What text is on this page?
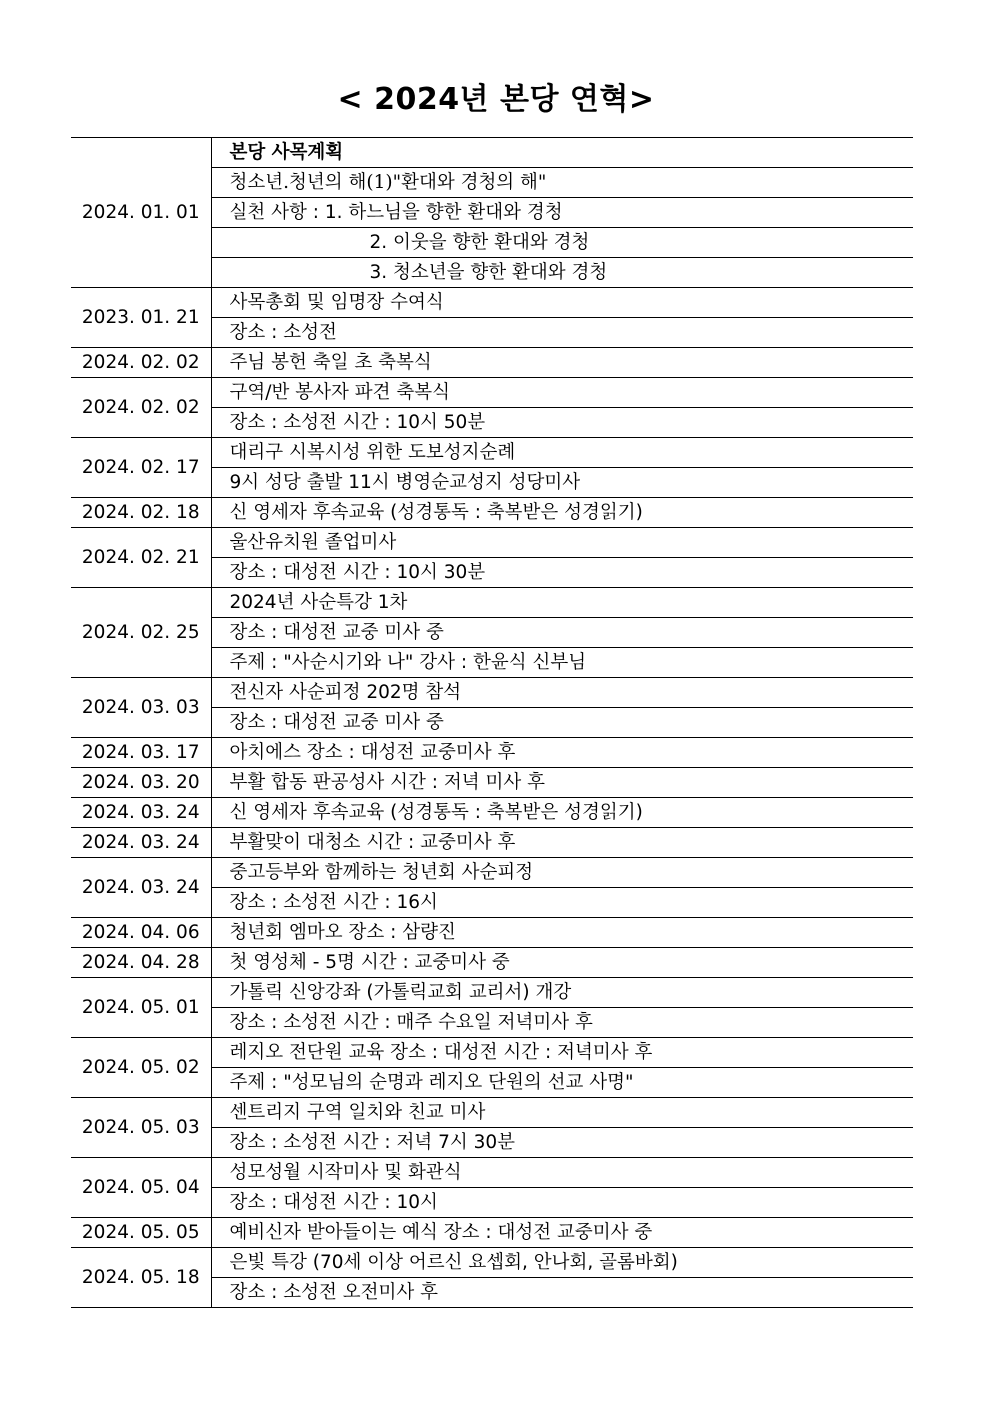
< 2024년 본당 연혁>
2024. 01. 01	본당 사목계획
	청소년.청년의 해(1)"환대와 경청의 해"
	실천 사항 : 1. 하느님을 향한 환대와 경청

	2. 이웃을 향한 환대와 경청

	3. 청소년을 향한 환대와 경청

2023. 01. 21	사목총회 및 임명장 수여식
	장소 : 소성전
2024. 02. 02	주님 봉헌 축일 초 축복식
2024. 02. 02	구역/반 봉사자 파견 축복식
	장소 : 소성전 시간 : 10시 50분
2024. 02. 17	대리구 시복시성 위한 도보성지순례
	9시 성당 출발 11시 병영순교성지 성당미사
2024. 02. 18	신 영세자 후속교육 (성경통독 : 축복받은 성경읽기)
2024. 02. 21	울산유치원 졸업미사
	장소 : 대성전 시간 : 10시 30분
2024. 02. 25	2024년 사순특강 1차
	장소 : 대성전 교중 미사 중
	주제 : "사순시기와 나" 강사 : 한윤식 신부님
2024. 03. 03	전신자 사순피정 202명 참석
	장소 : 대성전 교중 미사 중
2024. 03. 17	아치에스 장소 : 대성전 교중미사 후
2024. 03. 20	부활 합동 판공성사 시간 : 저녁 미사 후
2024. 03. 24	신 영세자 후속교육 (성경통독 : 축복받은 성경읽기)
2024. 03. 24	부활맞이 대청소 시간 : 교중미사 후
2024. 03. 24	중고등부와 함께하는 청년회 사순피정
	장소 : 소성전 시간 : 16시
2024. 04. 06	청년회 엠마오 장소 : 삼량진
2024. 04. 28	첫 영성체 - 5명 시간 : 교중미사 중
2024. 05. 01	가톨릭 신앙강좌 (가톨릭교회 교리서) 개강
	장소 : 소성전 시간 : 매주 수요일 저녁미사 후
2024. 05. 02	레지오 전단원 교육 장소 : 대성전 시간 : 저녁미사 후
	주제 : "성모님의 순명과 레지오 단원의 선교 사명"
2024. 05. 03	센트리지 구역 일치와 친교 미사
	장소 : 소성전 시간 : 저녁 7시 30분
2024. 05. 04	성모성월 시작미사 및 화관식
	장소 : 대성전 시간 : 10시
2024. 05. 05	예비신자 받아들이는 예식 장소 : 대성전 교중미사 중
2024. 05. 18	은빛 특강 (70세 이상 어르신 요셉회, 안나회, 골롬바회)
	장소 : 소성전 오전미사 후
